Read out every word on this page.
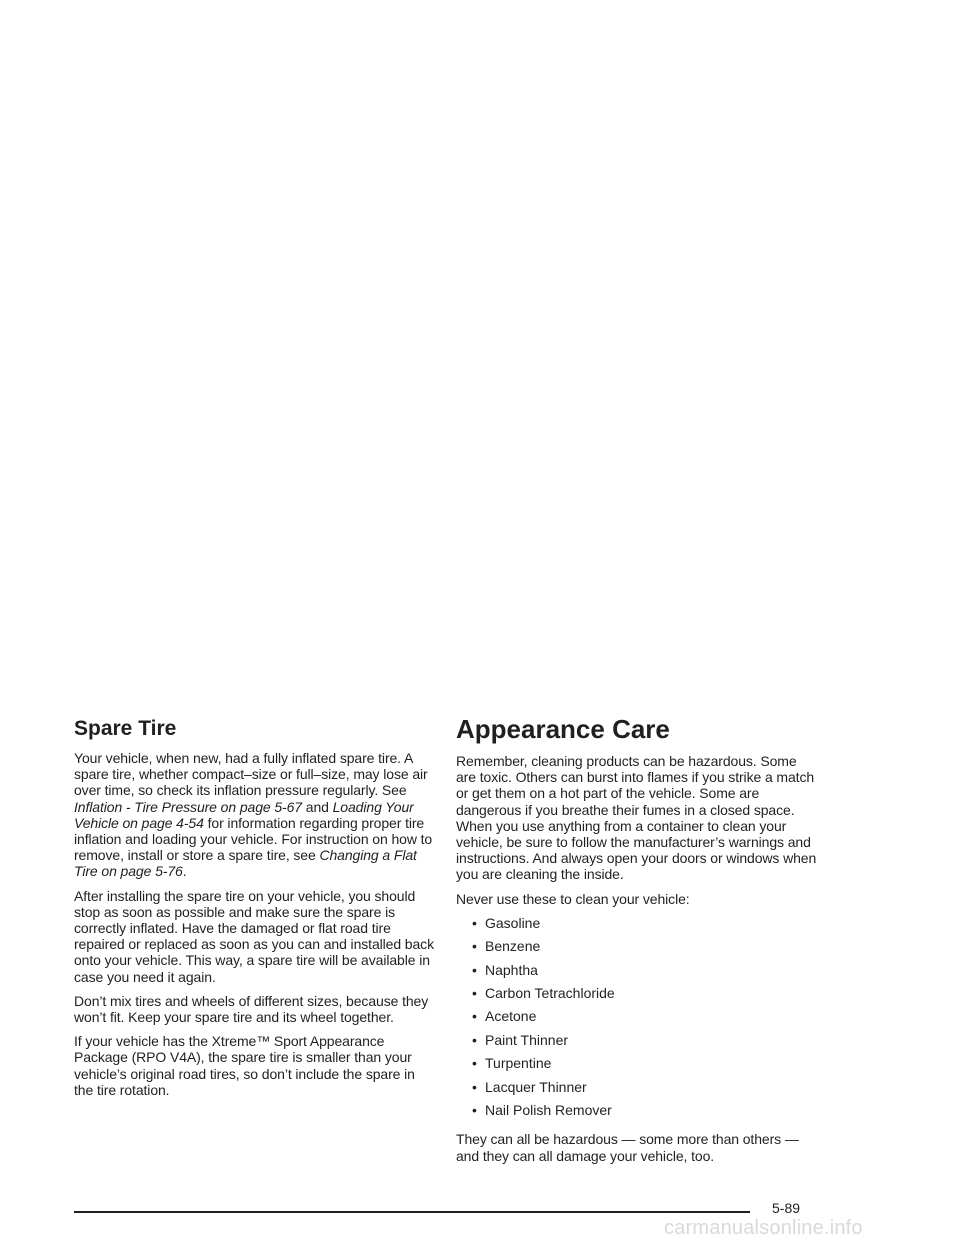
Spare Tire

Your vehicle, when new, had a fully inflated spare tire. A spare tire, whether compact–size or full–size, may lose air over time, so check its inflation pressure regularly. See Inflation - Tire Pressure on page 5-67 and Loading Your Vehicle on page 4-54 for information regarding proper tire inflation and loading your vehicle. For instruction on how to remove, install or store a spare tire, see Changing a Flat Tire on page 5-76.

After installing the spare tire on your vehicle, you should stop as soon as possible and make sure the spare is correctly inflated. Have the damaged or flat road tire repaired or replaced as soon as you can and installed back onto your vehicle. This way, a spare tire will be available in case you need it again.

Don’t mix tires and wheels of different sizes, because they won’t fit. Keep your spare tire and its wheel together.

If your vehicle has the Xtreme™ Sport Appearance Package (RPO V4A), the spare tire is smaller than your vehicle’s original road tires, so don’t include the spare in the tire rotation.

Appearance Care

Remember, cleaning products can be hazardous. Some are toxic. Others can burst into flames if you strike a match or get them on a hot part of the vehicle. Some are dangerous if you breathe their fumes in a closed space. When you use anything from a container to clean your vehicle, be sure to follow the manufacturer’s warnings and instructions. And always open your doors or windows when you are cleaning the inside.

Never use these to clean your vehicle:

• Gasoline
• Benzene
• Naphtha
• Carbon Tetrachloride
• Acetone
• Paint Thinner
• Turpentine
• Lacquer Thinner
• Nail Polish Remover

They can all be hazardous — some more than others — and they can all damage your vehicle, too.

5-89
carmanualsonline.info
